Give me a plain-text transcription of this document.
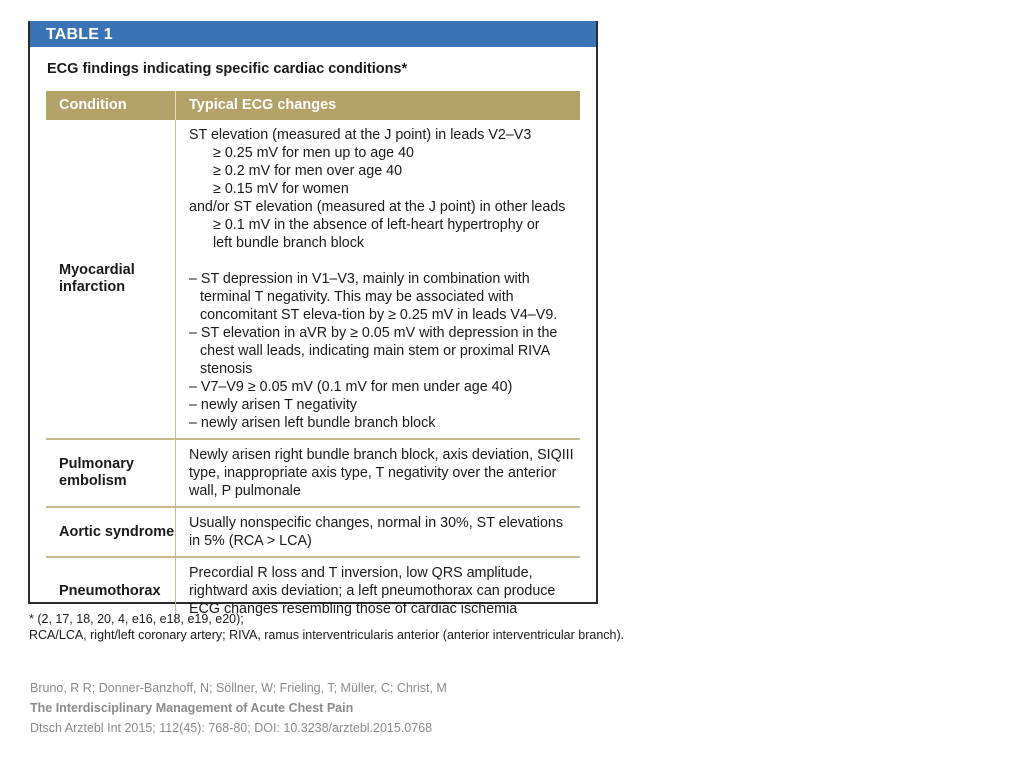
TABLE 1
ECG findings indicating specific cardiac conditions*
Condition	Typical ECG changes
Myocardial
infarction
ST elevation (measured at the J point) in leads V2–V3
≥ 0.25 mV for men up to age 40
≥ 0.2 mV for men over age 40
≥ 0.15 mV for women
and/or ST elevation (measured at the J point) in other leads
≥ 0.1 mV in the absence of left-heart hypertrophy or left bundle branch block
– ST depression in V1–V3, mainly in combination with terminal T negativity. This may be associated with concomitant ST eleva-tion by ≥ 0.25 mV in leads V4–V9.
– ST elevation in aVR by ≥ 0.05 mV with depression in the chest wall leads, indicating main stem or proximal RIVA stenosis
– V7–V9 ≥ 0.05 mV (0.1 mV for men under age 40)
– newly arisen T negativity
– newly arisen left bundle branch block
Pulmonary
embolism
Newly arisen right bundle branch block, axis deviation, SIQIII type, inappropriate axis type, T negativity over the anterior wall, P pulmonale
Aortic syndrome
Usually nonspecific changes, normal in 30%, ST elevations in 5% (RCA > LCA)
Pneumothorax
Precordial R loss and T inversion, low QRS amplitude, rightward axis deviation; a left pneumothorax can produce ECG changes resembling those of cardiac ischemia
* (2, 17, 18, 20, 4, e16, e18, e19, e20);
RCA/LCA, right/left coronary artery; RIVA, ramus interventricularis anterior (anterior interventricular branch).
Bruno, R R; Donner-Banzhoff, N; Söllner, W; Frieling, T; Müller, C; Christ, M
The Interdisciplinary Management of Acute Chest Pain
Dtsch Arztebl Int 2015; 112(45): 768-80; DOI: 10.3238/arztebl.2015.0768
